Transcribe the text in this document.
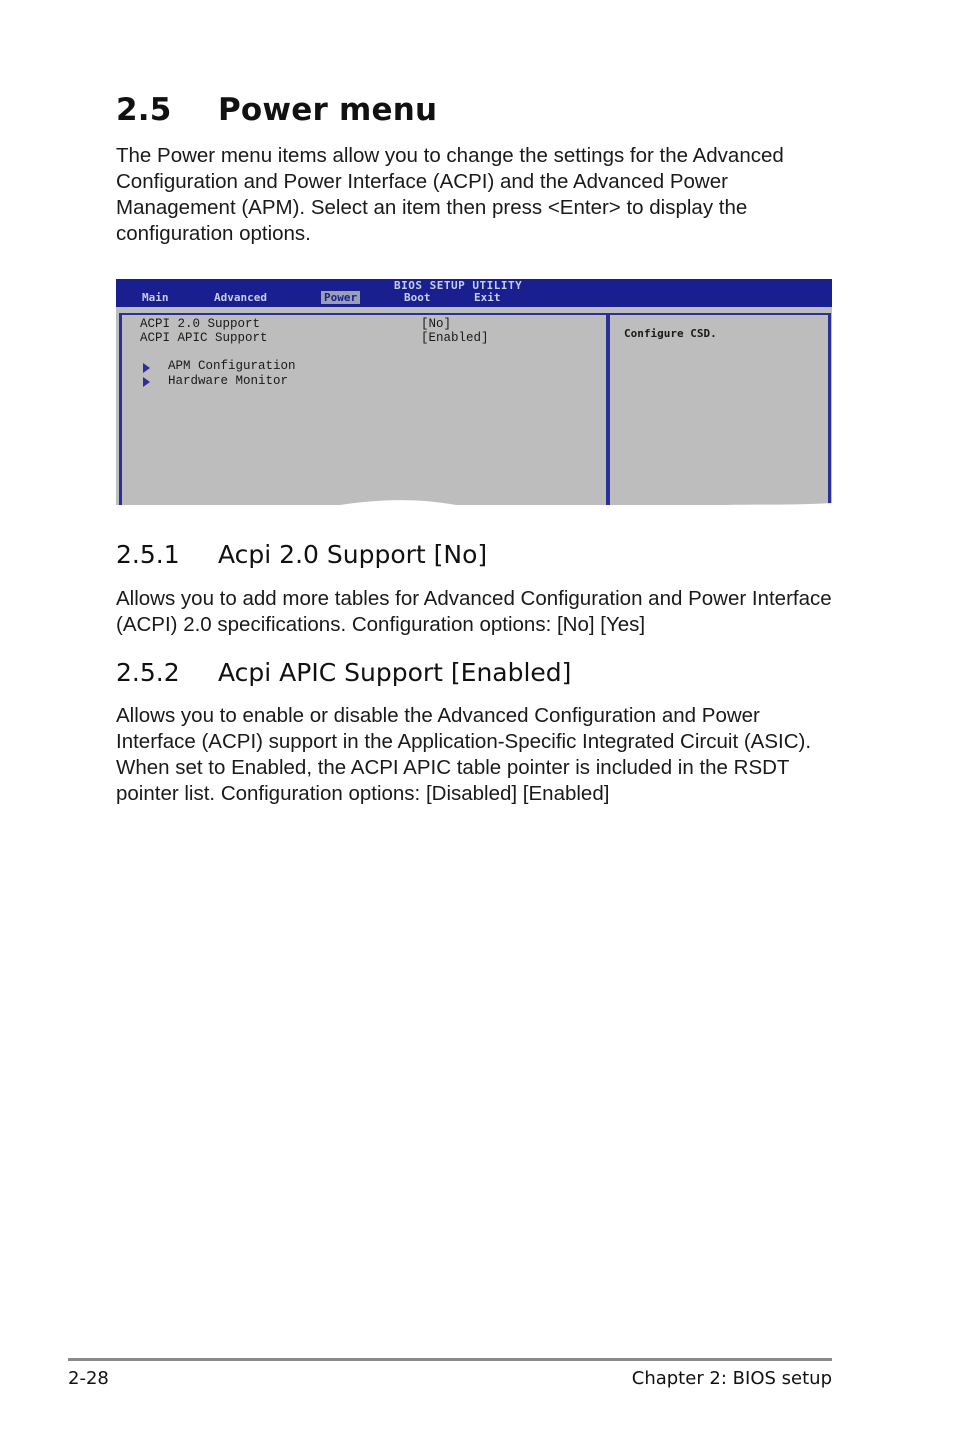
2.5 Power menu

The Power menu items allow you to change the settings for the Advanced Configuration and Power Interface (ACPI) and the Advanced Power Management (APM). Select an item then press <Enter> to display the configuration options.

BIOS SETUP UTILITY
Main	Advanced	Power	Boot	Exit
ACPI 2.0 Support	[No]
ACPI APIC Support	[Enabled]
APM Configuration
Hardware Monitor
Configure CSD.
2.5.1 Acpi 2.0 Support [No]

Allows you to add more tables for Advanced Configuration and Power Interface (ACPI) 2.0 specifications. Configuration options: [No] [Yes]

2.5.2 Acpi APIC Support [Enabled]

Allows you to enable or disable the Advanced Configuration and Power Interface (ACPI) support in the Application-Specific Integrated Circuit (ASIC). When set to Enabled, the ACPI APIC table pointer is included in the RSDT pointer list. Configuration options: [Disabled] [Enabled]

2-28	Chapter 2: BIOS setup
